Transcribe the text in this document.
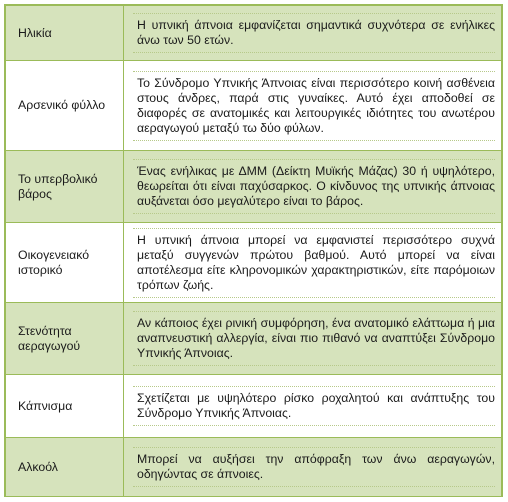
Ηλικία	Η υπνική άπνοια εμφανίζεται σημαντικά συχνότερα σε ενήλικες άνω των 50 ετών.

Αρσενικό φύλλο	Το Σύνδρομο Υπνικής Άπνοιας είναι περισσότερο κοινή ασθένεια στους άνδρες, παρά στις γυναίκες. Αυτό έχει αποδοθεί σε διαφορές σε ανατομικές και λειτουργικές ιδιότητες του ανωτέρου αεραγωγού μεταξύ τω δύο φύλων.

Το υπερβολικό βάρος	Ένας ενήλικας με ΔΜΜ (Δείκτη Μυϊκής Μάζας) 30 ή υψηλότερο, θεωρείται ότι είναι παχύσαρκος. Ο κίνδυνος της υπνικής άπνοιας αυξάνεται όσο μεγαλύτερο είναι το βάρος.

Οικογενειακό ιστορικό	Η υπνική άπνοια μπορεί να εμφανιστεί περισσότερο συχνά μεταξύ συγγενών πρώτου βαθμού. Αυτό μπορεί να είναι αποτέλεσμα είτε κληρονομικών χαρακτηριστικών, είτε παρόμοιων τρόπων ζωής.

Στενότητα αεραγωγού	Αν κάποιος έχει ρινική συμφόρηση, ένα ανατομικό ελάττωμα ή μια αναπνευστική αλλεργία, είναι πιο πιθανό να αναπτύξει Σύνδρομο Υπνικής Άπνοιας.

Κάπνισμα	Σχετίζεται με υψηλότερο ρίσκο ροχαλητού και ανάπτυξης του Σύνδρομο Υπνικής Άπνοιας.

Αλκοόλ	Μπορεί να αυξήσει την απόφραξη των άνω αεραγωγών, οδηγώντας σε άπνοιες.
